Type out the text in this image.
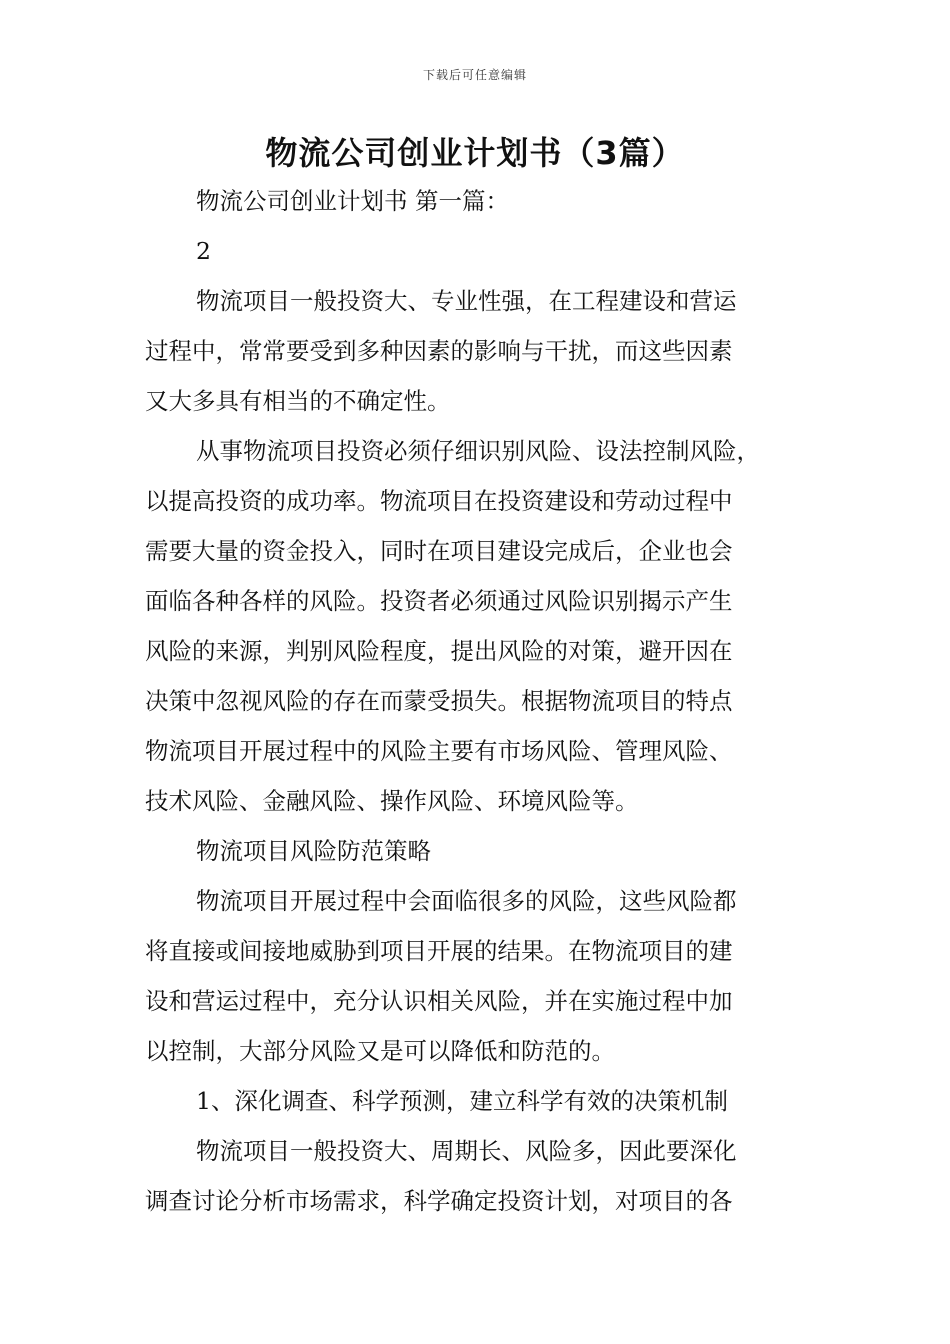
下载后可任意编辑
物流公司创业计划书（3篇）
物流公司创业计划书 第一篇：
2
物流项目一般投资大、专业性强，在工程建设和营运
过程中，常常要受到多种因素的影响与干扰，而这些因素
又大多具有相当的不确定性。
从事物流项目投资必须仔细识别风险、设法控制风险，
以提高投资的成功率。物流项目在投资建设和劳动过程中
需要大量的资金投入，同时在项目建设完成后，企业也会
面临各种各样的风险。投资者必须通过风险识别揭示产生
风险的来源，判别风险程度，提出风险的对策，避开因在
决策中忽视风险的存在而蒙受损失。根据物流项目的特点
物流项目开展过程中的风险主要有市场风险、管理风险、
技术风险、金融风险、操作风险、环境风险等。
物流项目风险防范策略
物流项目开展过程中会面临很多的风险，这些风险都
将直接或间接地威胁到项目开展的结果。在物流项目的建
设和营运过程中，充分认识相关风险，并在实施过程中加
以控制，大部分风险又是可以降低和防范的。
1、深化调查、科学预测，建立科学有效的决策机制
物流项目一般投资大、周期长、风险多，因此要深化
调查讨论分析市场需求，科学确定投资计划，对项目的各
